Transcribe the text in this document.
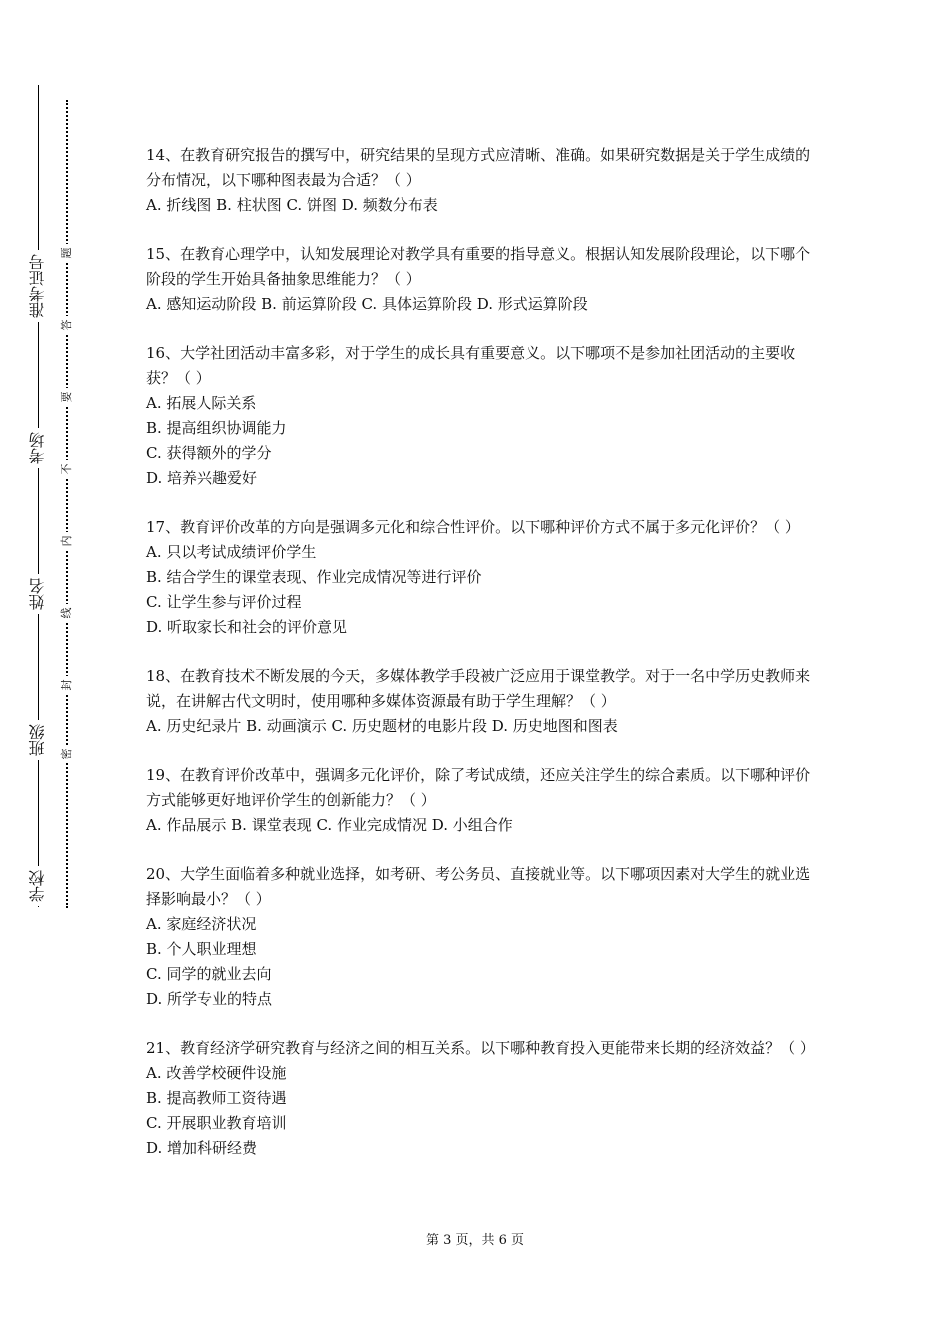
准考证号
考场
姓名
班级
学校
题
答
要
不
内
线
封
密

14、在教育研究报告的撰写中，研究结果的呈现方式应清晰、准确。如果研究数据是关于学生成绩的分布情况，以下哪种图表最为合适？（ ）

A. 折线图 B. 柱状图 C. 饼图 D. 频数分布表

15、在教育心理学中，认知发展理论对教学具有重要的指导意义。根据认知发展阶段理论，以下哪个阶段的学生开始具备抽象思维能力？（ ）

A. 感知运动阶段 B. 前运算阶段 C. 具体运算阶段 D. 形式运算阶段

16、大学社团活动丰富多彩，对于学生的成长具有重要意义。以下哪项不是参加社团活动的主要收获？（ ）

A. 拓展人际关系

B. 提高组织协调能力

C. 获得额外的学分

D. 培养兴趣爱好

17、教育评价改革的方向是强调多元化和综合性评价。以下哪种评价方式不属于多元化评价？（ ）

A. 只以考试成绩评价学生

B. 结合学生的课堂表现、作业完成情况等进行评价

C. 让学生参与评价过程

D. 听取家长和社会的评价意见

18、在教育技术不断发展的今天，多媒体教学手段被广泛应用于课堂教学。对于一名中学历史教师来说，在讲解古代文明时，使用哪种多媒体资源最有助于学生理解？（ ）

A. 历史纪录片 B. 动画演示 C. 历史题材的电影片段 D. 历史地图和图表

19、在教育评价改革中，强调多元化评价，除了考试成绩，还应关注学生的综合素质。以下哪种评价方式能够更好地评价学生的创新能力？（ ）

A. 作品展示 B. 课堂表现 C. 作业完成情况 D. 小组合作

20、大学生面临着多种就业选择，如考研、考公务员、直接就业等。以下哪项因素对大学生的就业选择影响最小？（ ）

A. 家庭经济状况

B. 个人职业理想

C. 同学的就业去向

D. 所学专业的特点

21、教育经济学研究教育与经济之间的相互关系。以下哪种教育投入更能带来长期的经济效益？（ ）

A. 改善学校硬件设施

B. 提高教师工资待遇

C. 开展职业教育培训

D. 增加科研经费

第 3 页，共 6 页
